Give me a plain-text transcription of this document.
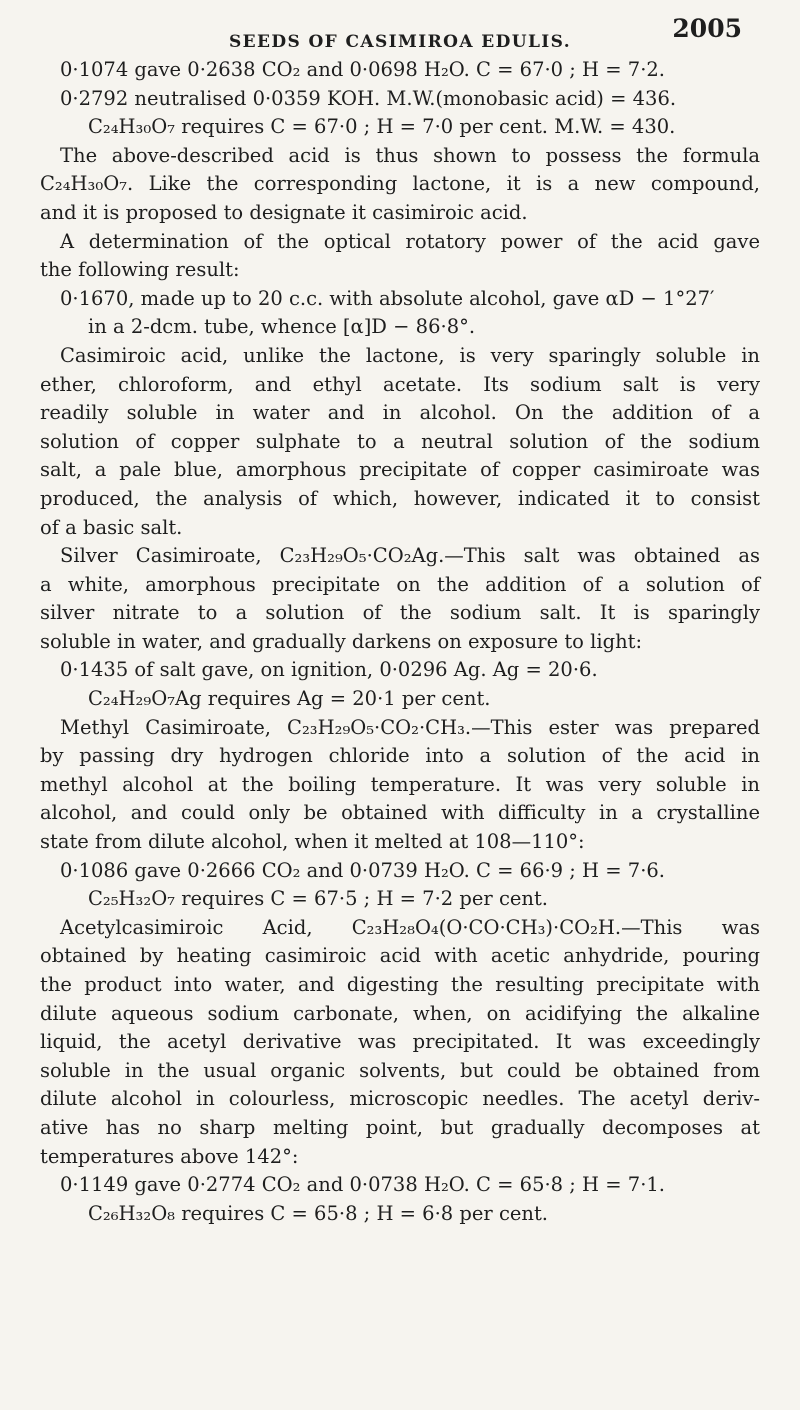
SEEDS OF CASIMIROA EDULIS.	2005
0·1074 gave 0·2638 CO₂ and 0·0698 H₂O. C = 67·0 ; H = 7·2.
0·2792 neutralised 0·0359 KOH. M.W.(monobasic acid) = 436.
C₂₄H₃₀O₇ requires C = 67·0 ; H = 7·0 per cent. M.W. = 430.
The above-described acid is thus shown to possess the formula
C₂₄H₃₀O₇. Like the corresponding lactone, it is a new compound,
and it is proposed to designate it casimiroic acid.
A determination of the optical rotatory power of the acid gave
the following result:
0·1670, made up to 20 c.c. with absolute alcohol, gave αD − 1°27′
in a 2-dcm. tube, whence [α]D − 86·8°.
Casimiroic acid, unlike the lactone, is very sparingly soluble in
ether, chloroform, and ethyl acetate. Its sodium salt is very
readily soluble in water and in alcohol. On the addition of a
solution of copper sulphate to a neutral solution of the sodium
salt, a pale blue, amorphous precipitate of copper casimiroate was
produced, the analysis of which, however, indicated it to consist
of a basic salt.
Silver Casimiroate, C₂₃H₂₉O₅·CO₂Ag.—This salt was obtained as
a white, amorphous precipitate on the addition of a solution of
silver nitrate to a solution of the sodium salt. It is sparingly
soluble in water, and gradually darkens on exposure to light:
0·1435 of salt gave, on ignition, 0·0296 Ag. Ag = 20·6.
C₂₄H₂₉O₇Ag requires Ag = 20·1 per cent.
Methyl Casimiroate, C₂₃H₂₉O₅·CO₂·CH₃.—This ester was prepared
by passing dry hydrogen chloride into a solution of the acid in
methyl alcohol at the boiling temperature. It was very soluble in
alcohol, and could only be obtained with difficulty in a crystalline
state from dilute alcohol, when it melted at 108—110°:
0·1086 gave 0·2666 CO₂ and 0·0739 H₂O. C = 66·9 ; H = 7·6.
C₂₅H₃₂O₇ requires C = 67·5 ; H = 7·2 per cent.
Acetylcasimiroic Acid, C₂₃H₂₈O₄(O·CO·CH₃)·CO₂H.—This was
obtained by heating casimiroic acid with acetic anhydride, pouring
the product into water, and digesting the resulting precipitate with
dilute aqueous sodium carbonate, when, on acidifying the alkaline
liquid, the acetyl derivative was precipitated. It was exceedingly
soluble in the usual organic solvents, but could be obtained from
dilute alcohol in colourless, microscopic needles. The acetyl deriv-
ative has no sharp melting point, but gradually decomposes at
temperatures above 142°:
0·1149 gave 0·2774 CO₂ and 0·0738 H₂O. C = 65·8 ; H = 7·1.
C₂₆H₃₂O₈ requires C = 65·8 ; H = 6·8 per cent.
